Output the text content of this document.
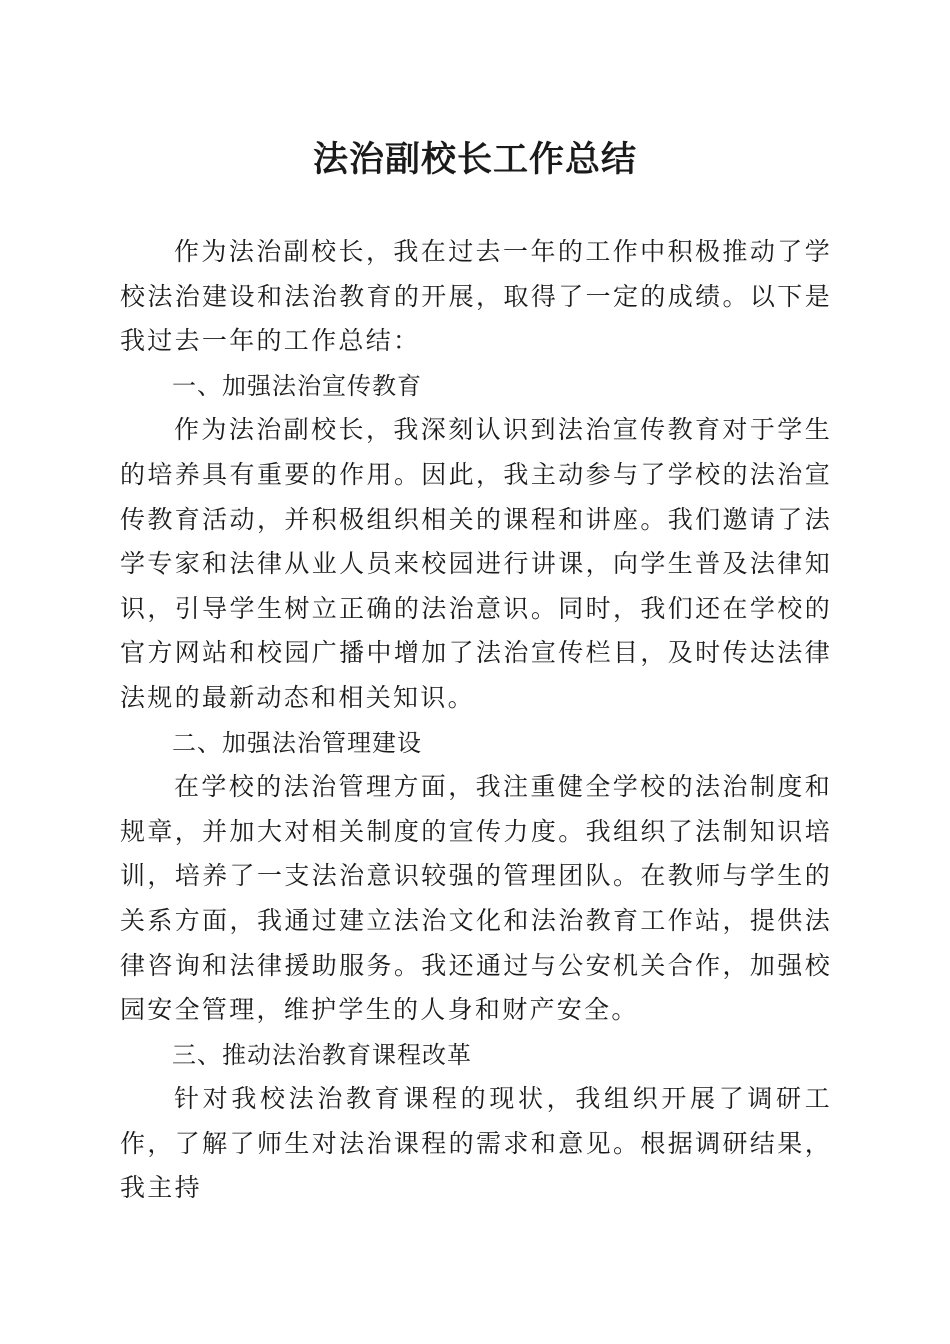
法治副校长工作总结

作为法治副校长，我在过去一年的工作中积极推动了学校法治建设和法治教育的开展，取得了一定的成绩。以下是我过去一年的工作总结：

一、加强法治宣传教育

作为法治副校长，我深刻认识到法治宣传教育对于学生的培养具有重要的作用。因此，我主动参与了学校的法治宣传教育活动，并积极组织相关的课程和讲座。我们邀请了法学专家和法律从业人员来校园进行讲课，向学生普及法律知识，引导学生树立正确的法治意识。同时，我们还在学校的官方网站和校园广播中增加了法治宣传栏目，及时传达法律法规的最新动态和相关知识。

二、加强法治管理建设

在学校的法治管理方面，我注重健全学校的法治制度和规章，并加大对相关制度的宣传力度。我组织了法制知识培训，培养了一支法治意识较强的管理团队。在教师与学生的关系方面，我通过建立法治文化和法治教育工作站，提供法律咨询和法律援助服务。我还通过与公安机关合作，加强校园安全管理，维护学生的人身和财产安全。

三、推动法治教育课程改革

针对我校法治教育课程的现状，我组织开展了调研工作，了解了师生对法治课程的需求和意见。根据调研结果，我主持
